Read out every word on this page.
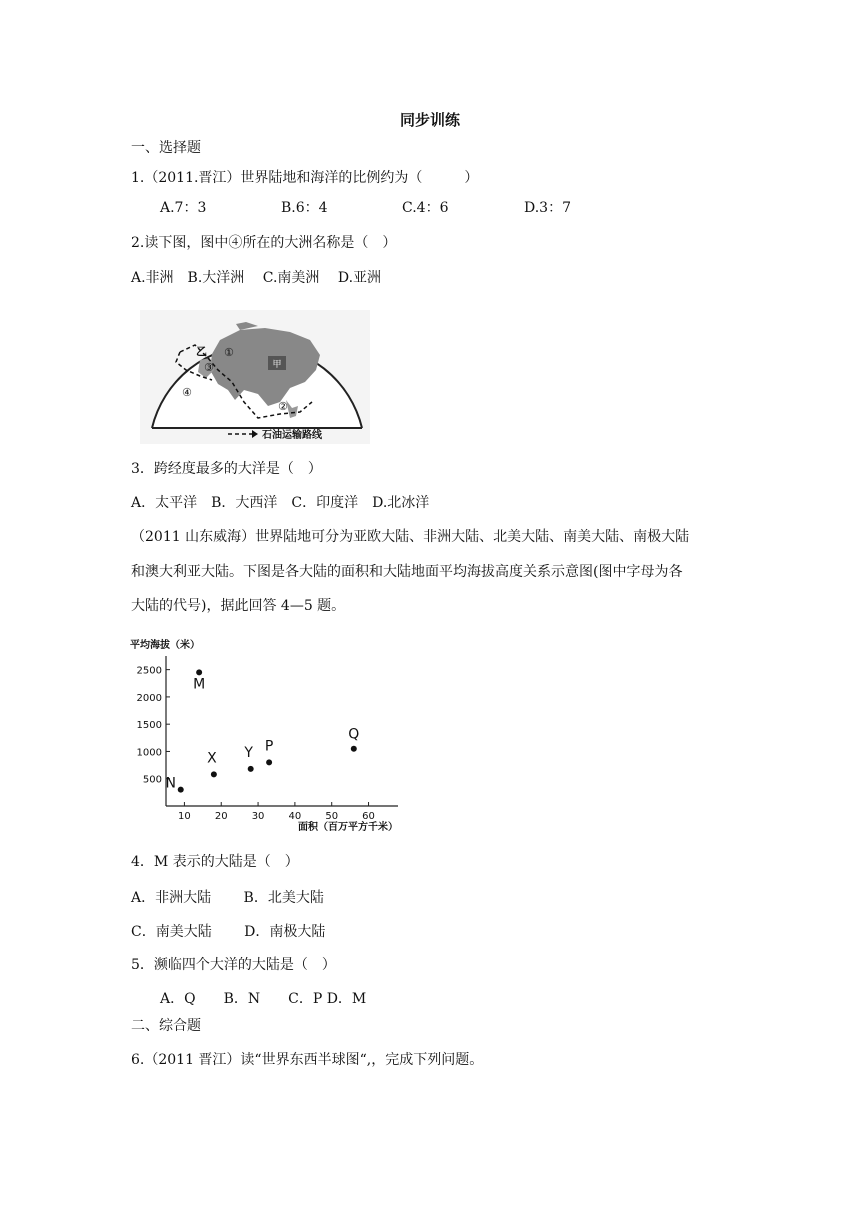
同步训练
一、选择题
1.（2011.晋江）世界陆地和海洋的比例约为（　　　）
A.7：3	B.6：4	C.4：6	D.3：7
2.读下图，图中④所在的大洲名称是（　）
A.非洲　B.大洋洲　 C.南美洲　 D.亚洲
甲
乙 ①
②
③
④
石油运输路线
3．跨经度最多的大洋是（　）
A．太平洋　B．大西洋　C．印度洋　D.北冰洋
（2011 山东威海）世界陆地可分为亚欧大陆、非洲大陆、北美大陆、南美大陆、南极大陆
和澳大利亚大陆。下图是各大陆的面积和大陆地面平均海拔高度关系示意图(图中字母为各
大陆的代号)，据此回答 4—5 题。
平均海拔（米）
面积（百万平方千米）
500
1000
1500
2000
2500
10 20 30 40 50 60
M
N
X Y P
Q
4．M 表示的大陆是（　）
A．非洲大陆　　 B．北美大陆
C．南美大陆　　 D．南极大陆
5．濒临四个大洋的大陆是（　）
A．Q　　B．N　　C．P D．M
二、综合题
6.（2011 晋江）读“世界东西半球图“,，完成下列问题。
